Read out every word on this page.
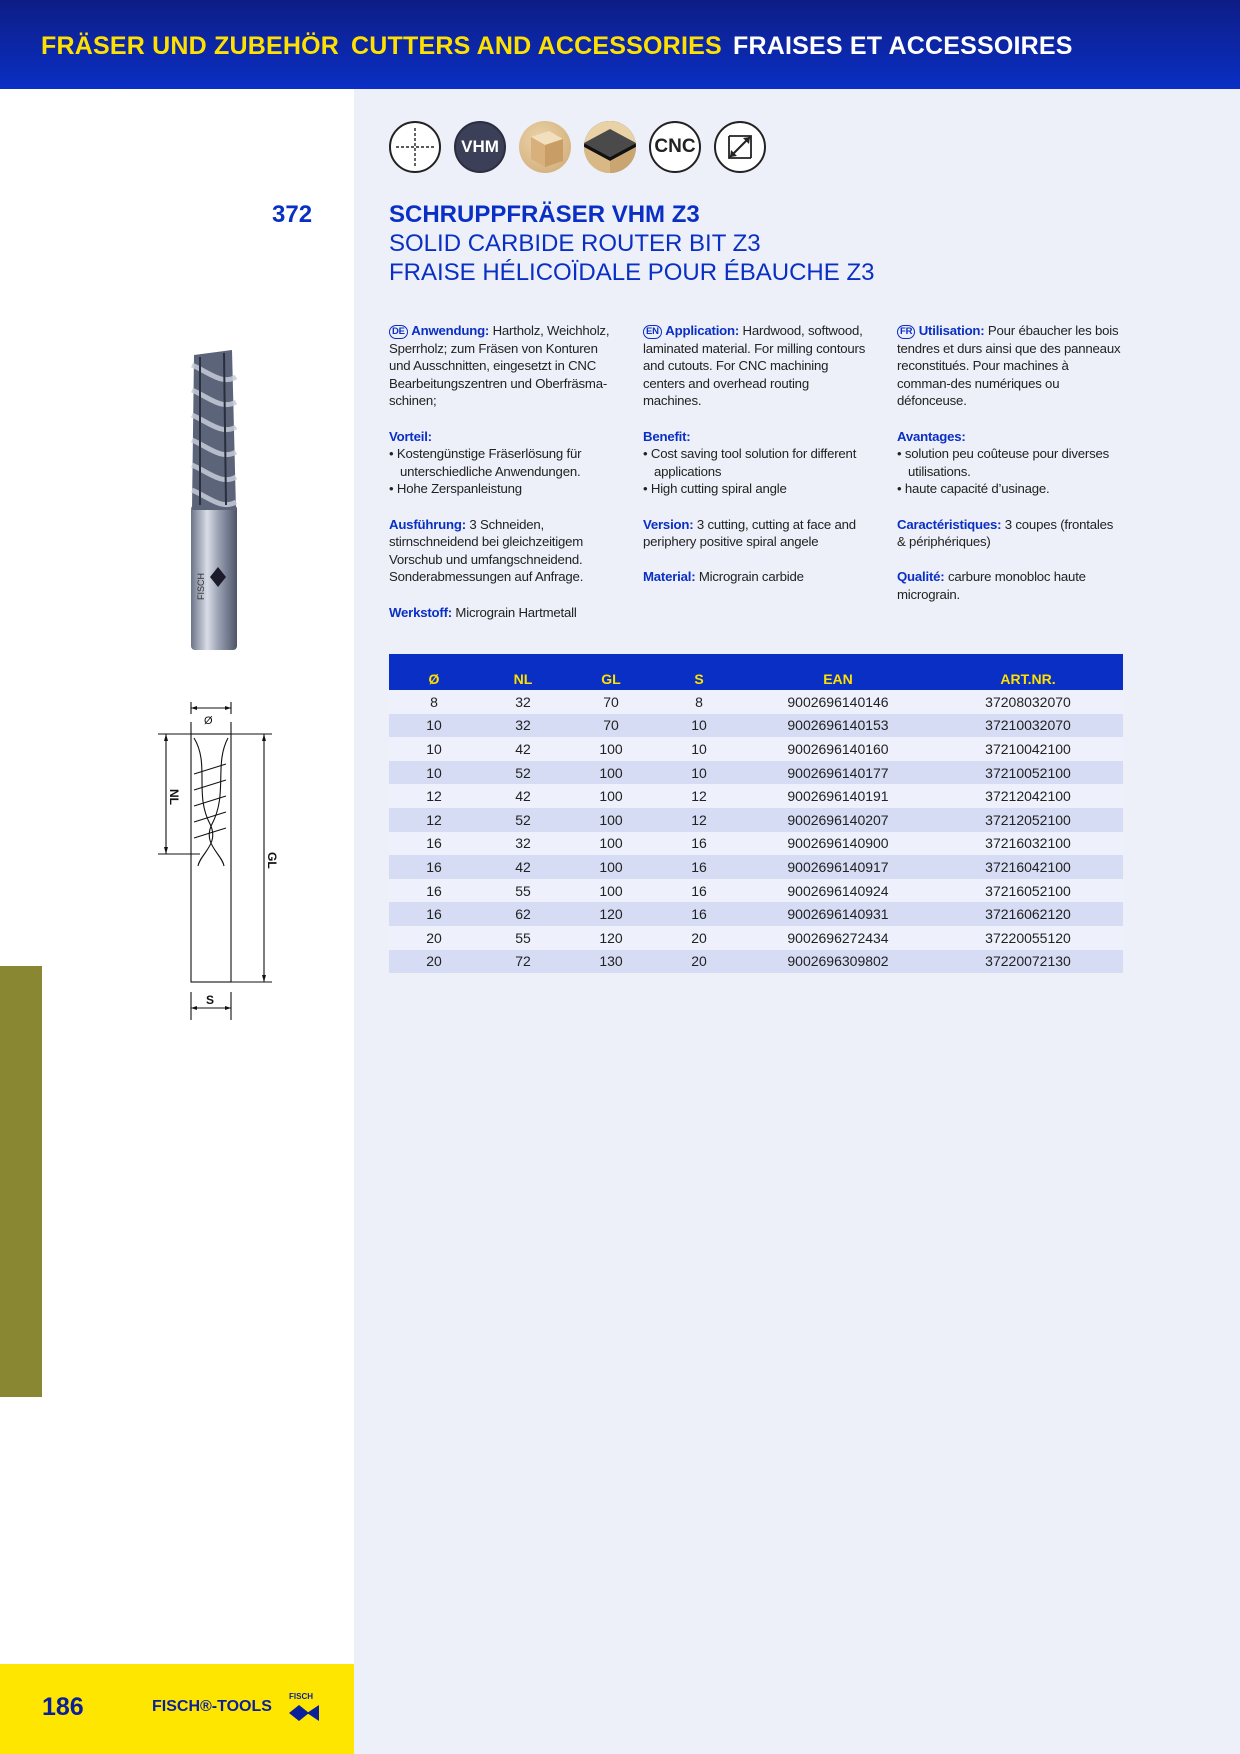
FRÄSER UND ZUBEHÖR CUTTERS AND ACCESSORIES FRAISES ET ACCESSOIRES
VHM	CNC
372	SCHRUPPFRÄSER VHM Z3
SOLID CARBIDE ROUTER BIT Z3
FRAISE HÉLICOÏDALE POUR ÉBAUCHE Z3
FISCH
Ø
NL
GL
S

DE Anwendung: Hartholz, Weichholz, Sperrholz; zum Fräsen von Konturen und Ausschnitten, eingesetzt in CNC Bearbeitungszentren und Oberfräsma-schinen;

Vorteil:

• Kostengünstige Fräserlösung für unterschiedliche Anwendungen.
• Hohe Zerspanleistung

Ausführung: 3 Schneiden, stirnschneidend bei gleichzeitigem Vorschub und umfangschneidend. Sonderabmessungen auf Anfrage.

Werkstoff: Micrograin Hartmetall

EN Application: Hardwood, softwood, laminated material. For milling contours and cutouts. For CNC machining centers and overhead routing machines.

Benefit:

• Cost saving tool solution for different applications
• High cutting spiral angle

Version: 3 cutting, cutting at face and periphery positive spiral angele

Material: Micrograin carbide

FR Utilisation: Pour ébaucher les bois tendres et durs ainsi que des panneaux reconstitués. Pour machines à comman-des numériques ou défonceuse.

Avantages:

• solution peu coûteuse pour diverses utilisations.
• haute capacité d’usinage.

Caractéristiques: 3 coupes (frontales & périphériques)

Qualité: carbure monobloc haute micrograin.

Ø	NL	GL	S	EAN	ART.NR.
8	32	70	8	9002696140146	37208032070
10	32	70	10	9002696140153	37210032070
10	42	100	10	9002696140160	37210042100
10	52	100	10	9002696140177	37210052100
12	42	100	12	9002696140191	37212042100
12	52	100	12	9002696140207	37212052100
16	32	100	16	9002696140900	37216032100
16	42	100	16	9002696140917	37216042100
16	55	100	16	9002696140924	37216052100
16	62	120	16	9002696140931	37216062120
20	55	120	20	9002696272434	37220055120
20	72	130	20	9002696309802	37220072130
186	FISCH®-TOOLS
FISCH
